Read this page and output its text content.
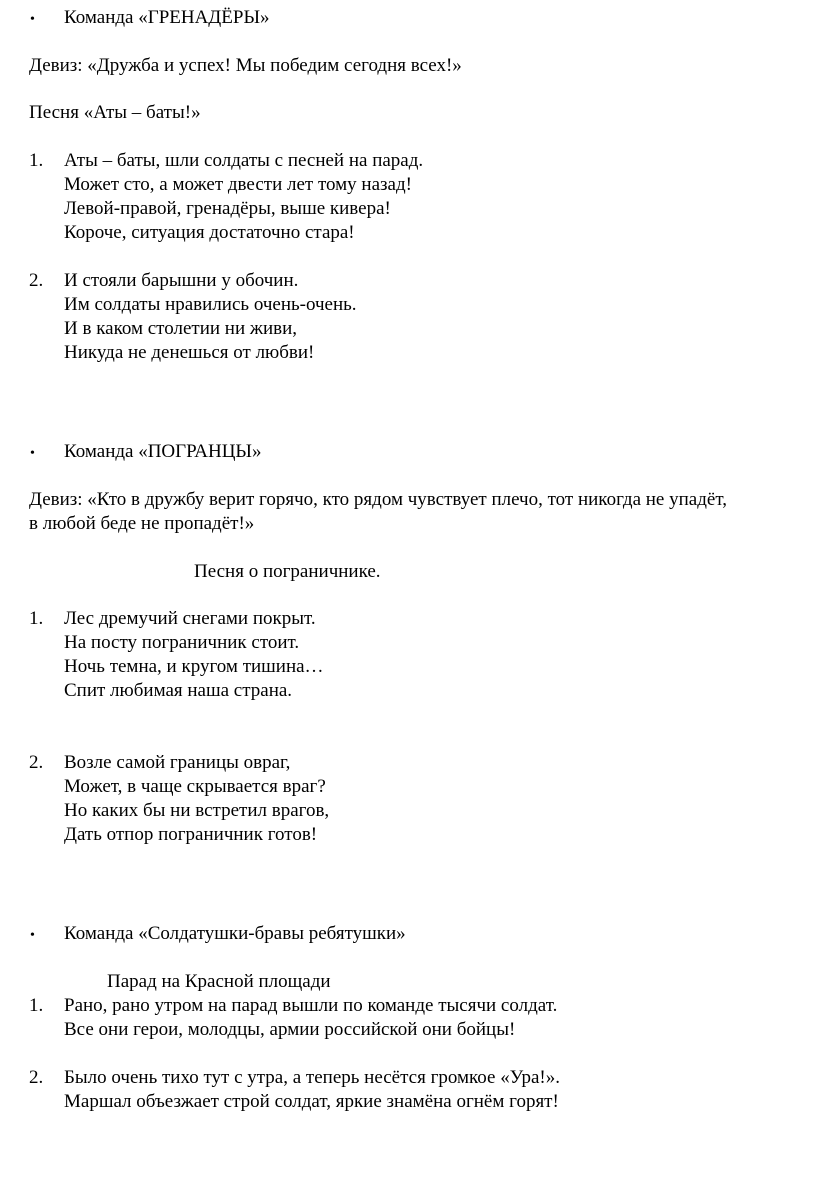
• Команда «ГРЕНАДЁРЫ»
Девиз: «Дружба и успех! Мы победим сегодня всех!»
Песня «Аты – баты!»
1. Аты – баты, шли солдаты с песней на парад.
Может сто, а может двести лет тому назад!
Левой-правой, гренадёры, выше кивера!
Короче, ситуация достаточно стара!
2. И стояли барышни у обочин.
Им солдаты нравились очень-очень.
И в каком столетии ни живи,
Никуда не денешься от любви!
• Команда «ПОГРАНЦЫ»
Девиз: «Кто в дружбу верит горячо, кто рядом чувствует плечо, тот никогда не упадёт,
в любой беде не пропадёт!»
Песня о пограничнике.
1. Лес дремучий снегами покрыт.
На посту пограничник стоит.
Ночь темна, и кругом тишина…
Спит любимая наша страна.
2. Возле самой границы овраг,
Может, в чаще скрывается враг?
Но каких бы ни встретил врагов,
Дать отпор пограничник готов!
• Команда «Солдатушки-бравы ребятушки»
Парад на Красной площади
1. Рано, рано утром на парад вышли по команде тысячи солдат.
Все они герои, молодцы, армии российской они бойцы!
2. Было очень тихо тут с утра, а теперь несётся громкое «Ура!».
Маршал объезжает строй солдат, яркие знамёна огнём горят!
